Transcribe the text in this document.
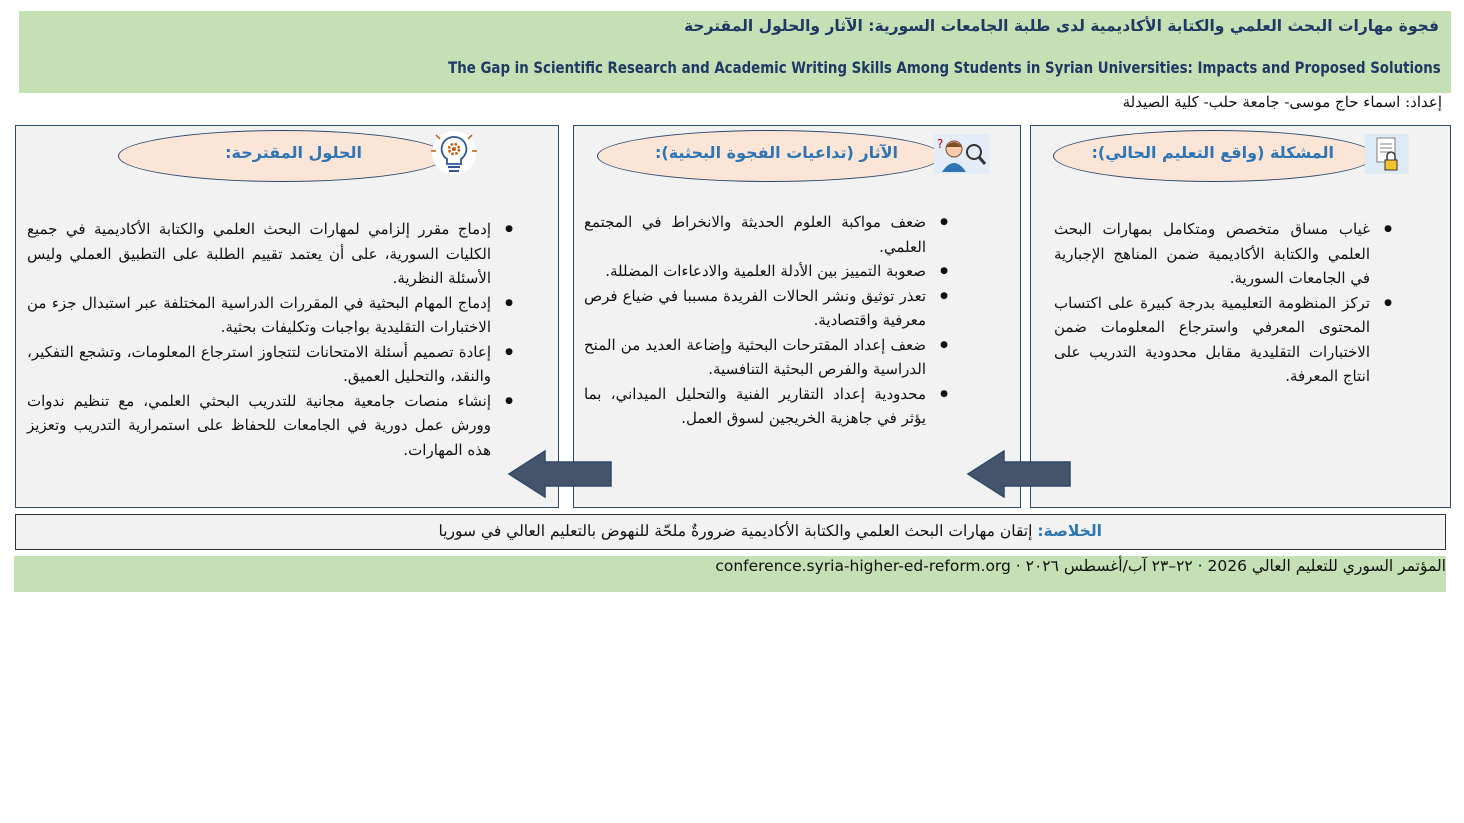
فجوة مهارات البحث العلمي والكتابة الأكاديمية لدى طلبة الجامعات السورية: الآثار والحلول المقترحة
The Gap in Scientific Research and Academic Writing Skills Among Students in Syrian Universities: Impacts and Proposed Solutions
إعداد: اسماء حاج موسى- جامعة حلب- كلية الصيدلة
المشكلة (واقع التعليم الحالي):
● غياب مساق متخصص ومتكامل بمهارات البحث العلمي والكتابة الأكاديمية ضمن المناهج الإجبارية في الجامعات السورية.
● تركز المنظومة التعليمية بدرجة كبيرة على اكتساب المحتوى المعرفي واسترجاع المعلومات ضمن الاختبارات التقليدية مقابل محدودية التدريب على انتاج المعرفة.
الآثار (تداعيات الفجوة البحثية):	?
● ضعف مواكبة العلوم الحديثة والانخراط في المجتمع العلمي.
● صعوبة التمييز بين الأدلة العلمية والادعاءات المضللة.
● تعذر توثيق ونشر الحالات الفريدة مسببا في ضياع فرص معرفية واقتصادية.
● ضعف إعداد المقترحات البحثية وإضاعة العديد من المنح الدراسية والفرص البحثية التنافسية.
● محدودية إعداد التقارير الفنية والتحليل الميداني، بما يؤثر في جاهزية الخريجين لسوق العمل.
الحلول المقترحة:
● إدماج مقرر إلزامي لمهارات البحث العلمي والكتابة الأكاديمية في جميع الكليات السورية، على أن يعتمد تقييم الطلبة على التطبيق العملي وليس الأسئلة النظرية.
● إدماج المهام البحثية في المقررات الدراسية المختلفة عبر استبدال جزء من الاختبارات التقليدية بواجبات وتكليفات بحثية.
● إعادة تصميم أسئلة الامتحانات لتتجاوز استرجاع المعلومات، وتشجع التفكير، والنقد، والتحليل العميق.
● إنشاء منصات جامعية مجانية للتدريب البحثي العلمي، مع تنظيم ندوات وورش عمل دورية في الجامعات للحفاظ على استمرارية التدريب وتعزيز هذه المهارات.
الخلاصة: إتقان مهارات البحث العلمي والكتابة الأكاديمية ضرورةٌ ملحّة للنهوض بالتعليم العالي في سوريا
المؤتمر السوري للتعليم العالي 2026 · ٢٢–٢٣ آب/أغسطس ٢٠٢٦ · conference.syria-higher-ed-reform.org
